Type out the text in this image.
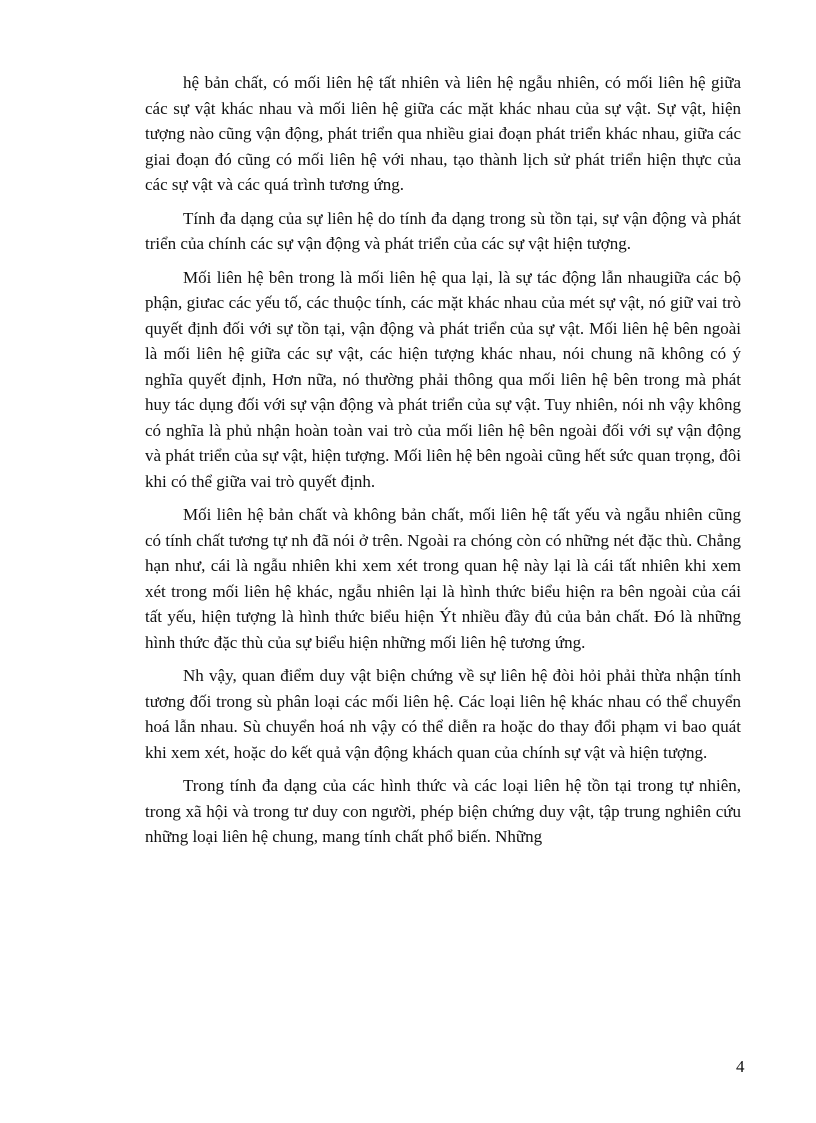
hệ bản chất, có mối liên hệ tất nhiên và liên hệ ngẫu nhiên, có mối liên hệ giữa các sự vật khác nhau và mối liên hệ giữa các mặt khác nhau của sự vật. Sự vật, hiện tượng nào cũng vận động, phát triển qua nhiều giai đoạn phát triển khác nhau, giữa các giai đoạn đó cũng có mối liên hệ với nhau, tạo thành lịch sử phát triển hiện thực của các sự vật và các quá trình tương ứng.

Tính đa dạng của sự liên hệ do tính đa dạng trong sù tồn tại, sự vận động và phát triển của chính các sự vận động và phát triển của các sự vật hiện tượng.

Mối liên hệ bên trong là mối liên hệ qua lại, là sự tác động lẫn nhaugiữa các bộ phận, giưac các yếu tố, các thuộc tính, các mặt khác nhau của mét sự vật, nó giữ vai trò quyết định đối với sự tồn tại, vận động và phát triển của sự vật. Mối liên hệ bên ngoài là mối liên hệ giữa các sự vật, các hiện tượng khác nhau, nói chung nã không có ý nghĩa quyết định, Hơn nữa, nó thường phải thông qua mối liên hệ bên trong mà phát huy tác dụng đối với sự vận động và phát triển của sự vật. Tuy nhiên, nói nh vậy không có nghĩa là phủ nhận hoàn toàn vai trò của mối liên hệ bên ngoài đối với sự vận động và phát triển của sự vật, hiện tượng. Mối liên hệ bên ngoài cũng hết sức quan trọng, đôi khi có thể giữa vai trò quyết định.

Mối liên hệ bản chất và không bản chất, mối liên hệ tất yếu và ngẫu nhiên cũng có tính chất tương tự nh đã nói ở trên. Ngoài ra chóng còn có những nét đặc thù. Chẳng hạn như, cái là ngẫu nhiên khi xem xét trong quan hệ này lại là cái tất nhiên khi xem xét trong mối liên hệ khác, ngẫu nhiên lại là hình thức biểu hiện ra bên ngoài của cái tất yếu, hiện tượng là hình thức biểu hiện Ýt nhiều đầy đủ của bản chất. Đó là những hình thức đặc thù của sự biểu hiện những mối liên hệ tương ứng.

Nh vậy, quan điểm duy vật biện chứng về sự liên hệ đòi hỏi phải thừa nhận tính tương đối trong sù phân loại các mối liên hệ. Các loại liên hệ khác nhau có thể chuyển hoá lẫn nhau. Sù chuyển hoá nh vậy có thể diễn ra hoặc do thay đổi phạm vi bao quát khi xem xét, hoặc do kết quả vận động khách quan của chính sự vật và hiện tượng.

Trong tính đa dạng của các hình thức và các loại liên hệ tồn tại trong tự nhiên, trong xã hội và trong tư duy con người, phép biện chứng duy vật, tập trung nghiên cứu những loại liên hệ chung, mang tính chất phổ biến. Những

4
